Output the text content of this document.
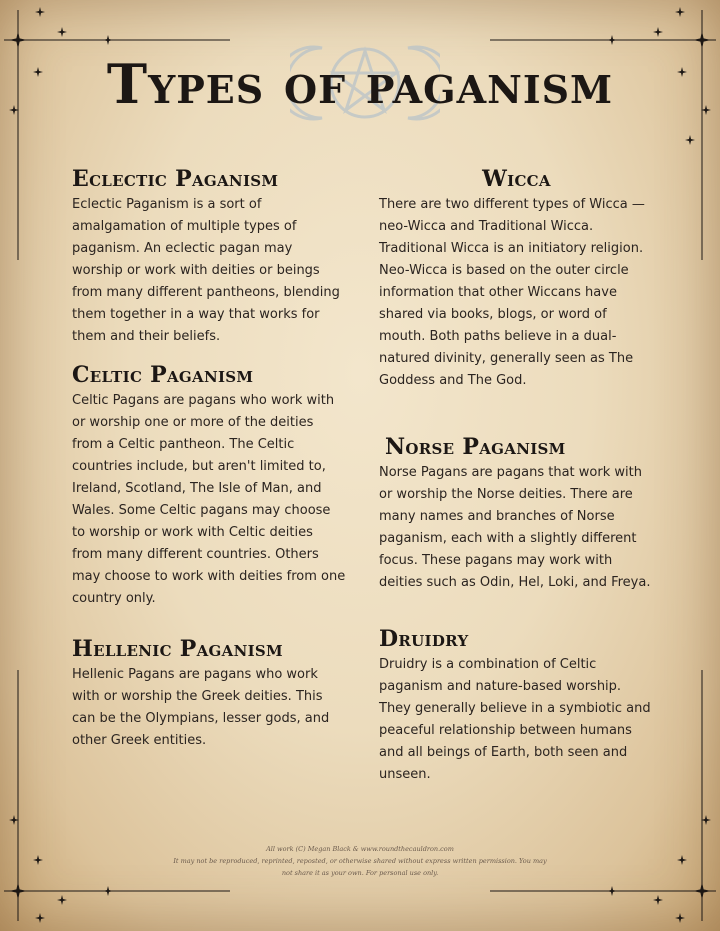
Types of paganism
Eclectic Paganism

Eclectic Paganism is a sort of amalgamation of multiple types of paganism. An eclectic pagan may worship or work with deities or beings from many different pantheons, blending them together in a way that works for them and their beliefs.

Celtic Paganism

Celtic Pagans are pagans who work with or worship one or more of the deities from a Celtic pantheon. The Celtic countries include, but aren't limited to, Ireland, Scotland, The Isle of Man, and Wales. Some Celtic pagans may choose to worship or work with Celtic deities from many different countries. Others may choose to work with deities from one country only.

Hellenic Paganism

Hellenic Pagans are pagans who work with or worship the Greek deities. This can be the Olympians, lesser gods, and other Greek entities.

Wicca

There are two different types of Wicca — neo-Wicca and Traditional Wicca. Traditional Wicca is an initiatory religion. Neo-Wicca is based on the outer circle information that other Wiccans have shared via books, blogs, or word of mouth. Both paths believe in a dual-natured divinity, generally seen as The Goddess and The God.

Norse Paganism

Norse Pagans are pagans that work with or worship the Norse deities. There are many names and branches of Norse paganism, each with a slightly different focus. These pagans may work with deities such as Odin, Hel, Loki, and Freya.

Druidry

Druidry is a combination of Celtic paganism and nature-based worship. They generally believe in a symbiotic and peaceful relationship between humans and all beings of Earth, both seen and unseen.

All work (C) Megan Black & www.roundthecauldron.com
It may not be reproduced, reprinted, reposted, or otherwise shared without express written permission. You may
not share it as your own. For personal use only.
